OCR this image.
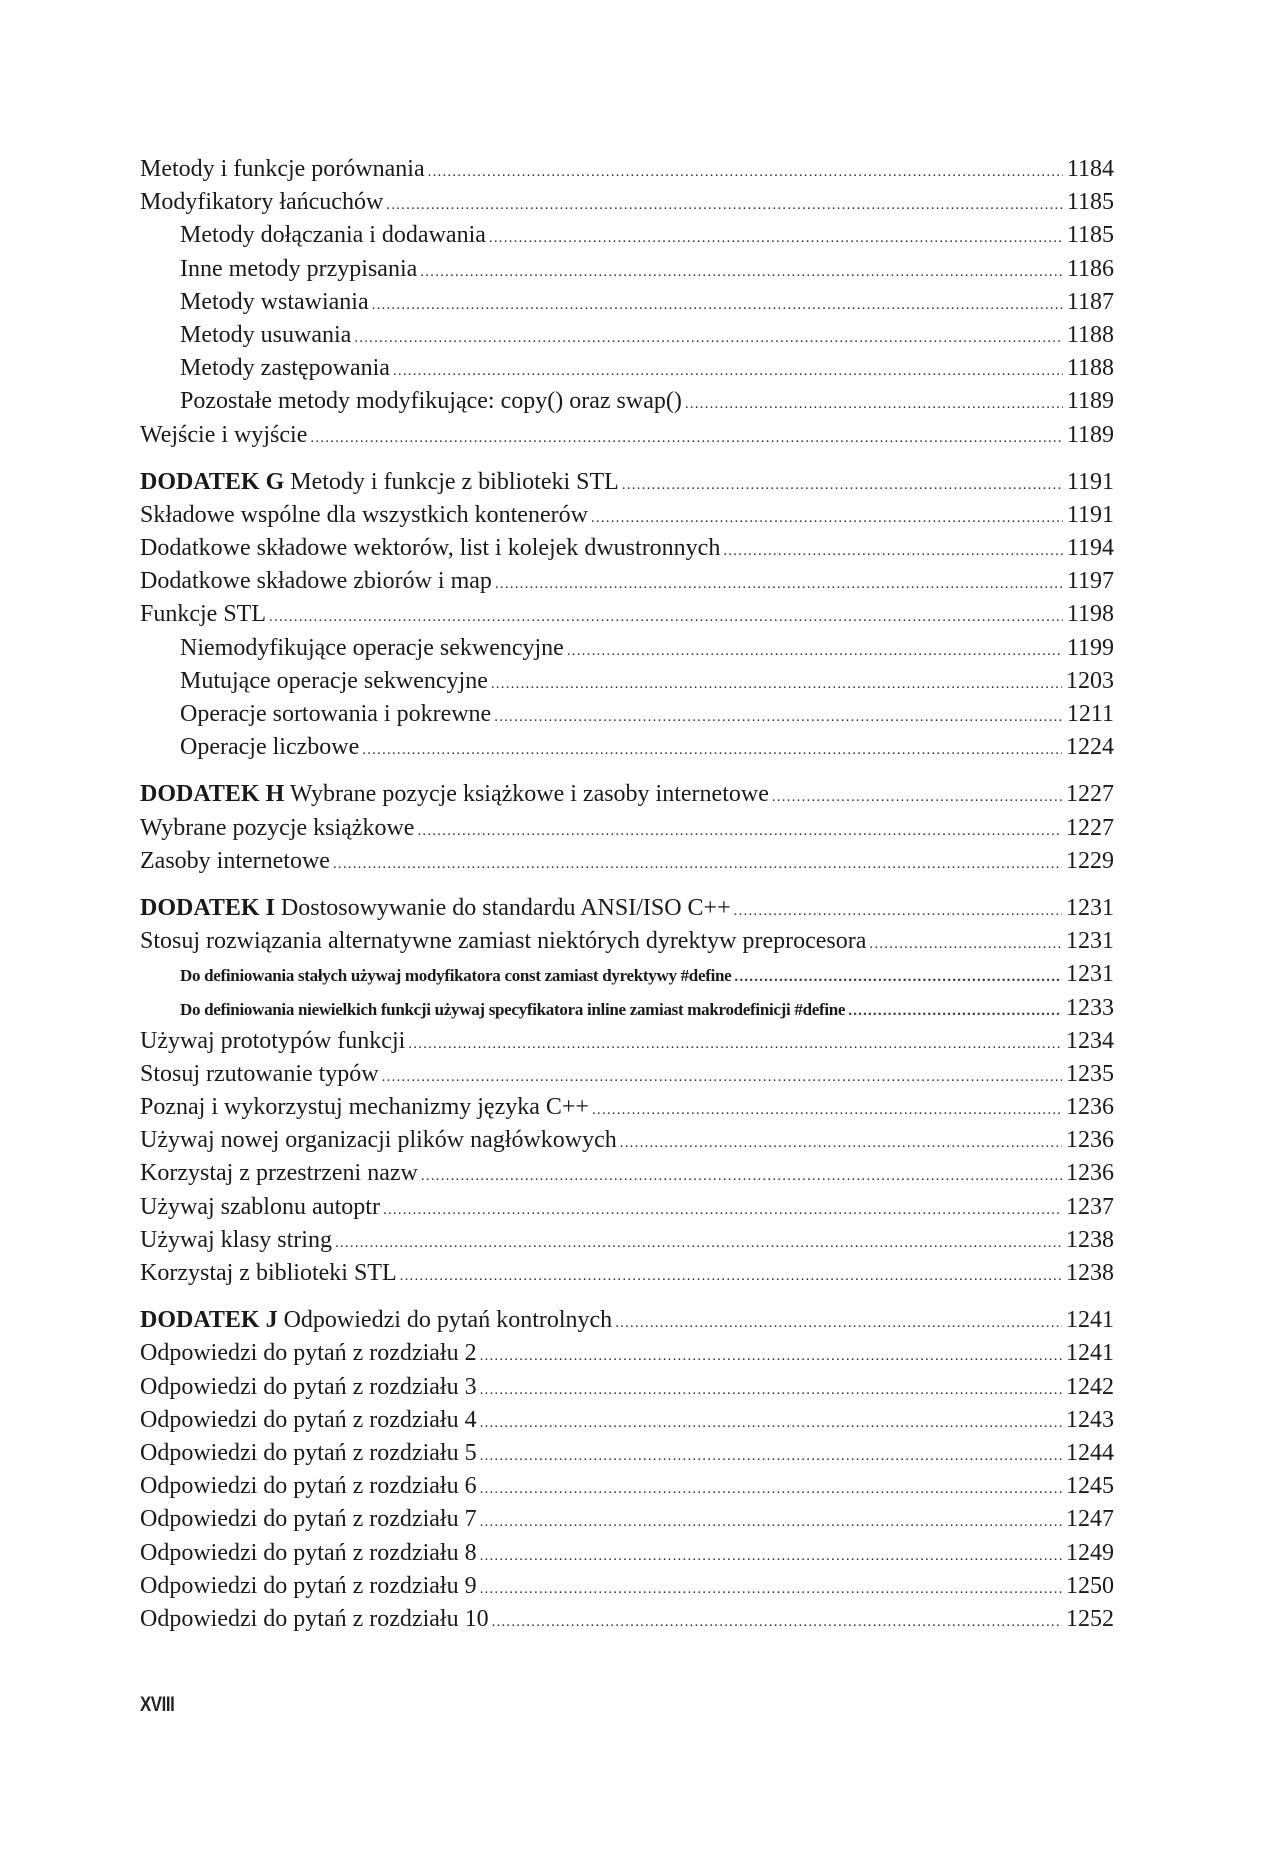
Metody i funkcje porównania .....	1184
Modyfikatory łańcuchów .....	1185
Metody dołączania i dodawania .....	1185
Inne metody przypisania .....	1186
Metody wstawiania .....	1187
Metody usuwania .....	1188
Metody zastępowania .....	1188
Pozostałe metody modyfikujące: copy() oraz swap() .....	1189
Wejście i wyjście .....	1189
DODATEK G Metody i funkcje z biblioteki STL .....	1191
Składowe wspólne dla wszystkich kontenerów .....	1191
Dodatkowe składowe wektorów, list i kolejek dwustronnych .....	1194
Dodatkowe składowe zbiorów i map .....	1197
Funkcje STL .....	1198
Niemodyfikujące operacje sekwencyjne .....	1199
Mutujące operacje sekwencyjne .....	1203
Operacje sortowania i pokrewne .....	1211
Operacje liczbowe .....	1224
DODATEK H Wybrane pozycje książkowe i zasoby internetowe .....	1227
Wybrane pozycje książkowe .....	1227
Zasoby internetowe .....	1229
DODATEK I Dostosowywanie do standardu ANSI/ISO C++ .....	1231
Stosuj rozwiązania alternatywne zamiast niektórych dyrektyw preprocesora .....	1231
Do definiowania stałych używaj modyfikatora const zamiast dyrektywy #define .....	1231
Do definiowania niewielkich funkcji używaj specyfikatora inline zamiast makrodefinicji #define .....	1233
Używaj prototypów funkcji .....	1234
Stosuj rzutowanie typów .....	1235
Poznaj i wykorzystuj mechanizmy języka C++ .....	1236
Używaj nowej organizacji plików nagłówkowych .....	1236
Korzystaj z przestrzeni nazw .....	1236
Używaj szablonu autoptr .....	1237
Używaj klasy string .....	1238
Korzystaj z biblioteki STL .....	1238
DODATEK J Odpowiedzi do pytań kontrolnych .....	1241
Odpowiedzi do pytań z rozdziału 2 .....	1241
Odpowiedzi do pytań z rozdziału 3 .....	1242
Odpowiedzi do pytań z rozdziału 4 .....	1243
Odpowiedzi do pytań z rozdziału 5 .....	1244
Odpowiedzi do pytań z rozdziału 6 .....	1245
Odpowiedzi do pytań z rozdziału 7 .....	1247
Odpowiedzi do pytań z rozdziału 8 .....	1249
Odpowiedzi do pytań z rozdziału 9 .....	1250
Odpowiedzi do pytań z rozdziału 10 .....	1252
XVIII
